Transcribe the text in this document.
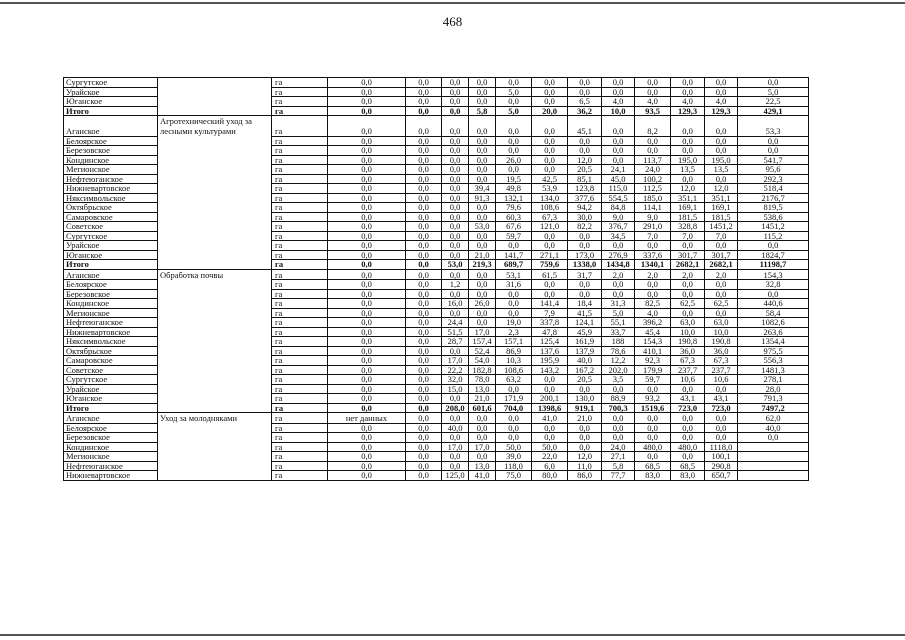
468
Сургутское		га	0,0	0,0	0,0	0,0	0,0	0,0	0,0	0,0	0,0	0,0	0,0	0,0
Урайское		га	0,0	0,0	0,0	0,0	5,0	0,0	0,0	0,0	0,0	0,0	0,0	5,0
Юганское		га	0,0	0,0	0,0	0,0	0,0	0,0	6,5	4,0	4,0	4,0	4,0	22,5
Итого		га	0,0	0,0	0,0	5,8	5,0	20,0	36,2	10,0	93,5	129,3	129,3	429,1
Аганское	Агротехнический уход за лесными культурами	га	0,0	0,0	0,0	0,0	0,0	0,0	45,1	0,0	8,2	0,0	0,0	53,3
Белоярское		га	0,0	0,0	0,0	0,0	0,0	0,0	0,0	0,0	0,0	0,0	0,0	0,0
Березовское		га	0,0	0,0	0,0	0,0	0,0	0,0	0,0	0,0	0,0	0,0	0,0	0,0
Кондинское		га	0,0	0,0	0,0	0,0	26,0	0,0	12,0	0,0	113,7	195,0	195,0	541,7
Мегионское		га	0,0	0,0	0,0	0,0	0,0	0,0	20,5	24,1	24,0	13,5	13,5	95,6
Нефтеюганское		га	0,0	0,0	0,0	0,0	19,5	42,5	85,1	45,0	100,2	0,0	0,0	292,3
Нижневартовское		га	0,0	0,0	0,0	39,4	49,8	53,9	123,8	115,0	112,5	12,0	12,0	518,4
Няксимвольское		га	0,0	0,0	0,0	91,3	132,1	134,0	377,6	554,5	185,0	351,1	351,1	2176,7
Октябрьское		га	0,0	0,0	0,0	0,0	79,6	108,6	94,2	84,8	114,1	169,1	169,1	819,5
Самаровское		га	0,0	0,0	0,0	0,0	60,3	67,3	30,0	9,0	9,0	181,5	181,5	538,6
Советское		га	0,0	0,0	0,0	53,0	67,6	121,0	82,2	376,7	291,0	328,8	1451,2	1451,2
Сургутское		га	0,0	0,0	0,0	0,0	59,7	0,0	0,0	34,5	7,0	7,0	7,0	115,2
Урайское		га	0,0	0,0	0,0	0,0	0,0	0,0	0,0	0,0	0,0	0,0	0,0	0,0
Юганское		га	0,0	0,0	0,0	21,0	141,7	271,1	173,0	276,9	337,6	301,7	301,7	1824,7
Итого		га	0,0	0,0	53,0	219,3	689,7	759,6	1338,0	1434,8	1340,1	2682,1	2682,1	11198,7
Аганское	Обработка почвы	га	0,0	0,0	0,0	0,0	53,1	61,5	31,7	2,0	2,0	2,0	2,0	154,3
Белоярское		га	0,0	0,0	1,2	0,0	31,6	0,0	0,0	0,0	0,0	0,0	0,0	32,8
Березовское		га	0,0	0,0	0,0	0,0	0,0	0,0	0,0	0,0	0,0	0,0	0,0	0,0
Кондинское		га	0,0	0,0	16,0	26,0	0,0	141,4	18,4	31,3	82,5	62,5	62,5	440,6
Мегионское		га	0,0	0,0	0,0	0,0	0,0	7,9	41,5	5,0	4,0	0,0	0,0	58,4
Нефтеюганское		га	0,0	0,0	24,4	0,0	19,0	337,8	124,1	55,1	396,2	63,0	63,0	1082,6
Нижневартовское		га	0,0	0,0	51,5	17,0	2,3	47,8	45,9	33,7	45,4	10,0	10,0	263,6
Няксимвольское		га	0,0	0,0	28,7	157,4	157,1	125,4	161,9	188	154,3	190,8	190,8	1354,4
Октябрьское		га	0,0	0,0	0,0	52,4	86,9	137,6	137,9	78,6	410,1	36,0	36,0	975,5
Самаровское		га	0,0	0,0	17,0	54,0	10,3	195,9	40,0	12,2	92,3	67,3	67,3	556,3
Советское		га	0,0	0,0	22,2	182,8	108,6	143,2	167,2	202,0	179,9	237,7	237,7	1481,3
Сургутское		га	0,0	0,0	32,0	78,0	63,2	0,0	20,5	3,5	59,7	10,6	10,6	278,1
Урайское		га	0,0	0,0	15,0	13,0	0,0	0,0	0,0	0,0	0,0	0,0	0,0	28,0
Юганское		га	0,0	0,0	0,0	21,0	171,9	200,1	130,0	88,9	93,2	43,1	43,1	791,3
Итого		га	0,0	0,0	208,0	601,6	704,0	1398,6	919,1	700,3	1519,6	723,0	723,0	7497,2
Аганское	Уход за молодняками	га	нет данных	0,0	0,0	0,0	0,0	41,0	21,0	0,0	0,0	0,0	0,0	62,0
Белоярское		га	0,0	0,0	40,0	0,0	0,0	0,0	0,0	0,0	0,0	0,0	0,0	40,0
Березовское		га	0,0	0,0	0,0	0,0	0,0	0,0	0,0	0,0	0,0	0,0	0,0	0,0
Кондинское		га	0,0	0,0	17,0	17,0	50,0	50,0	0,0	24,0	480,0	480,0	1118,0	
Мегионское		га	0,0	0,0	0,0	0,0	39,0	22,0	12,0	27,1	0,0	0,0	100,1	
Нефтеюганское		га	0,0	0,0	0,0	13,0	118,0	6,0	11,0	5,8	68,5	68,5	290,8	
Нижневартовское		га	0,0	0,0	125,0	41,0	75,0	80,0	86,0	77,7	83,0	83,0	650,7	
